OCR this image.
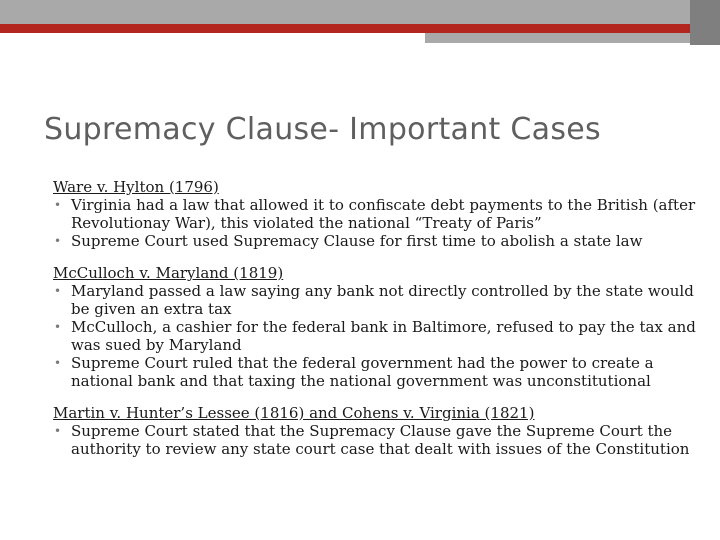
Supremacy Clause- Important Cases
Ware v. Hylton (1796)
• Virginia had a law that allowed it to confiscate debt payments to the British (after Revolutionay War), this violated the national “Treaty of Paris”
• Supreme Court used Supremacy Clause for first time to abolish a state law
McCulloch v. Maryland (1819)
• Maryland passed a law saying any bank not directly controlled by the state would be given an extra tax
• McCulloch, a cashier for the federal bank in Baltimore, refused to pay the tax and was sued by Maryland
• Supreme Court ruled that the federal government had the power to create a national bank and that taxing the national government was unconstitutional
Martin v. Hunter’s Lessee (1816) and Cohens v. Virginia (1821)
• Supreme Court stated that the Supremacy Clause gave the Supreme Court the authority to review any state court case that dealt with issues of the Constitution
